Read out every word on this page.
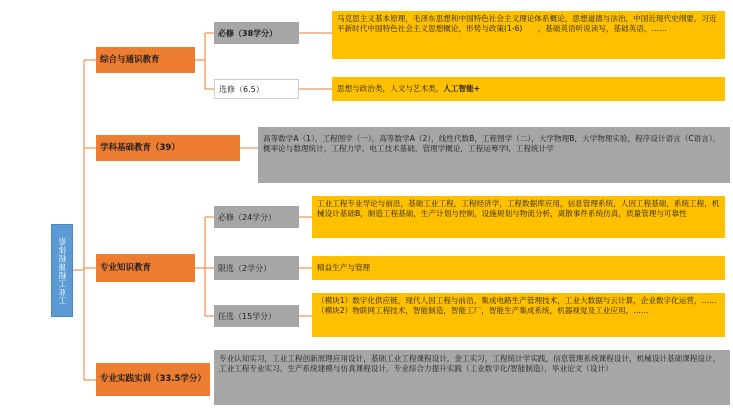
工业工程课程体系
综合与通识教育
学科基础教育（39）
专业知识教育
专业实践实训（33.5学分）
必修（38学分）
选修（6.5）
必修（24学分）
限选（2学分）
任选（15学分）
马克思主义基本原理，毛泽东思想和中国特色社会主义理论体系概论，思想道德与法治，中国近现代史纲要，习近平新时代中国特色社会主义思想概论，形势与政策(1-6)　　，基础英语听说读写，基础英语，……
思想与政治类，人文与艺术类， 人工智能+
高等数学A（1），工程图学（一），高等数学A（2），线性代数B，工程图学（二），大学物理B，大学物理实验，程序设计语言（C语言），概率论与数理统计，工程力学，电工技术基础，管理学概论，工程运筹学I，工程统计学
工业工程专业导论与前沿，基础工业工程，工程经济学，工程数据库应用，信息管理系统，人因工程基础，系统工程，机械设计基础B，制造工程基础，生产计划与控制，设施规划与物流分析，离散事件系统仿真，质量管理与可靠性
精益生产与管理
（模块1）数字化供应链，现代人因工程与前沿，集成电路生产管理技术，工业大数据与云计算，企业数字化运营，……（模块2）物联网工程技术，智能制造，智能工厂，智能生产集成系统，机器视觉及工业应用，……
专业认知实习，工业工程创新原理应用设计，基础工业工程课程设计，金工实习，工程统计学实践，信息管理系统课程设计，机械设计基础课程设计，工业工程专业实习，生产系统建模与仿真课程设计，专业综合力提升实践（工业数字化/智能制造），毕业论文（设计）
